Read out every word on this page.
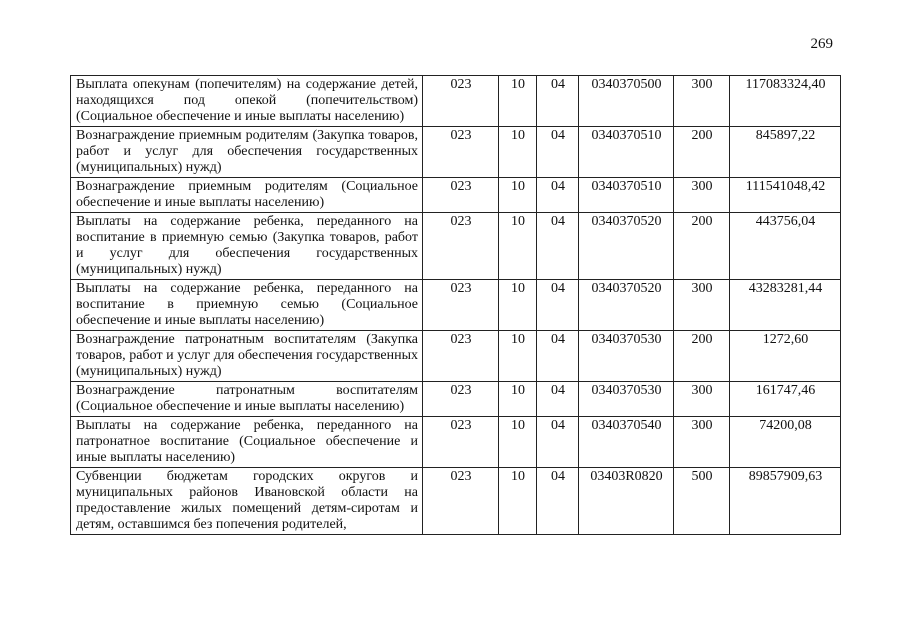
269
Выплата опекунам (попечителям) на содержание детей, находящихся под опекой (попечительством) (Социальное обеспечение и иные выплаты населению)	023	10	04	0340370500	300	117083324,40
Вознаграждение приемным родителям (Закупка товаров, работ и услуг для обеспечения государственных (муниципальных) нужд)	023	10	04	0340370510	200	845897,22
Вознаграждение приемным родителям (Социальное обеспечение и иные выплаты населению)	023	10	04	0340370510	300	111541048,42
Выплаты на содержание ребенка, переданного на воспитание в приемную семью (Закупка товаров, работ и услуг для обеспечения государственных (муниципальных) нужд)	023	10	04	0340370520	200	443756,04
Выплаты на содержание ребенка, переданного на воспитание в приемную семью (Социальное обеспечение и иные выплаты населению)	023	10	04	0340370520	300	43283281,44
Вознаграждение патронатным воспитателям (Закупка товаров, работ и услуг для обеспечения государственных (муниципальных) нужд)	023	10	04	0340370530	200	1272,60
Вознаграждение патронатным воспитателям (Социальное обеспечение и иные выплаты населению)	023	10	04	0340370530	300	161747,46
Выплаты на содержание ребенка, переданного на патронатное воспитание (Социальное обеспечение и иные выплаты населению)	023	10	04	0340370540	300	74200,08
Субвенции бюджетам городских округов и муниципальных районов Ивановской области на предоставление жилых помещений детям-сиротам и детям, оставшимся без попечения родителей,	023	10	04	03403R0820	500	89857909,63
